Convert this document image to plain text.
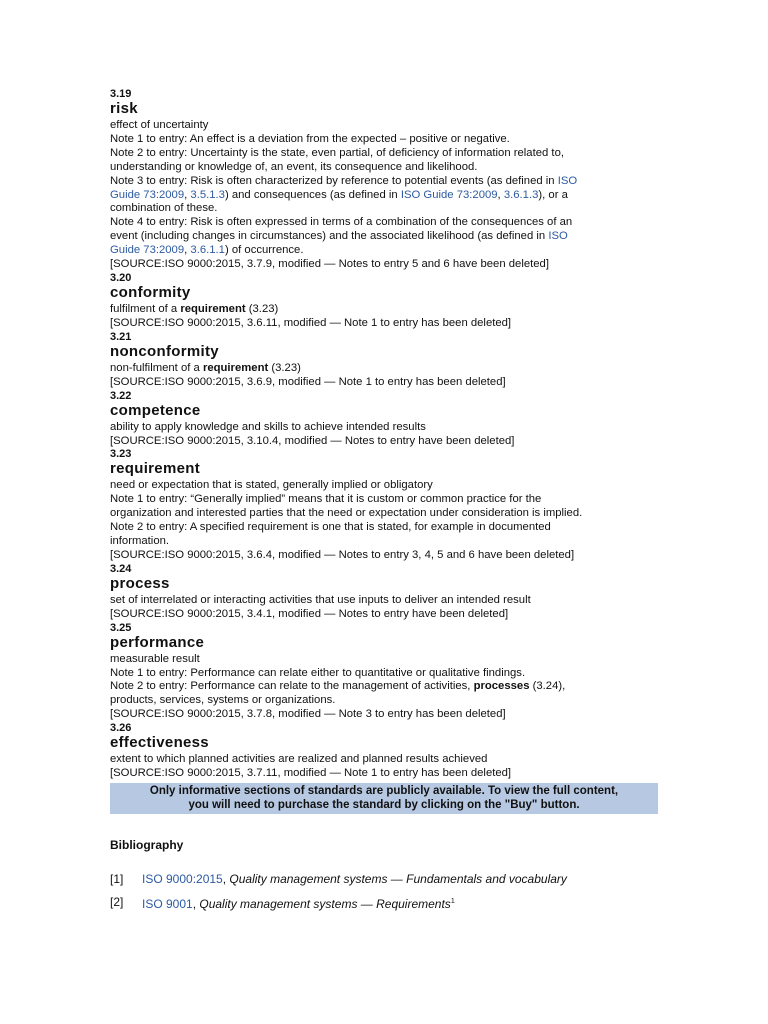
3.19

risk

effect of uncertainty

Note 1 to entry: An effect is a deviation from the expected – positive or negative.

Note 2 to entry: Uncertainty is the state, even partial, of deficiency of information related to,

understanding or knowledge of, an event, its consequence and likelihood.

Note 3 to entry: Risk is often characterized by reference to potential events (as defined in ISO

Guide 73:2009, 3.5.1.3) and consequences (as defined in ISO Guide 73:2009, 3.6.1.3), or a

combination of these.

Note 4 to entry: Risk is often expressed in terms of a combination of the consequences of an

event (including changes in circumstances) and the associated likelihood (as defined in ISO

Guide 73:2009, 3.6.1.1) of occurrence.

[SOURCE:ISO 9000:2015, 3.7.9, modified — Notes to entry 5 and 6 have been deleted]

3.20

conformity

fulfilment of a requirement (3.23)

[SOURCE:ISO 9000:2015, 3.6.11, modified — Note 1 to entry has been deleted]

3.21

nonconformity

non-fulfilment of a requirement (3.23)

[SOURCE:ISO 9000:2015, 3.6.9, modified — Note 1 to entry has been deleted]

3.22

competence

ability to apply knowledge and skills to achieve intended results

[SOURCE:ISO 9000:2015, 3.10.4, modified — Notes to entry have been deleted]

3.23

requirement

need or expectation that is stated, generally implied or obligatory

Note 1 to entry: “Generally implied” means that it is custom or common practice for the

organization and interested parties that the need or expectation under consideration is implied.

Note 2 to entry: A specified requirement is one that is stated, for example in documented

information.

[SOURCE:ISO 9000:2015, 3.6.4, modified — Notes to entry 3, 4, 5 and 6 have been deleted]

3.24

process

set of interrelated or interacting activities that use inputs to deliver an intended result

[SOURCE:ISO 9000:2015, 3.4.1, modified — Notes to entry have been deleted]

3.25

performance

measurable result

Note 1 to entry: Performance can relate either to quantitative or qualitative findings.

Note 2 to entry: Performance can relate to the management of activities, processes (3.24),

products, services, systems or organizations.

[SOURCE:ISO 9000:2015, 3.7.8, modified — Note 3 to entry has been deleted]

3.26

effectiveness

extent to which planned activities are realized and planned results achieved

[SOURCE:ISO 9000:2015, 3.7.11, modified — Note 1 to entry has been deleted]

Only informative sections of standards are publicly available. To view the full content,
you will need to purchase the standard by clicking on the "Buy" button.
Bibliography
[1]	ISO 9000:2015, Quality management systems — Fundamentals and vocabulary
[2]	ISO 9001, Quality management systems — Requirements$^1$
